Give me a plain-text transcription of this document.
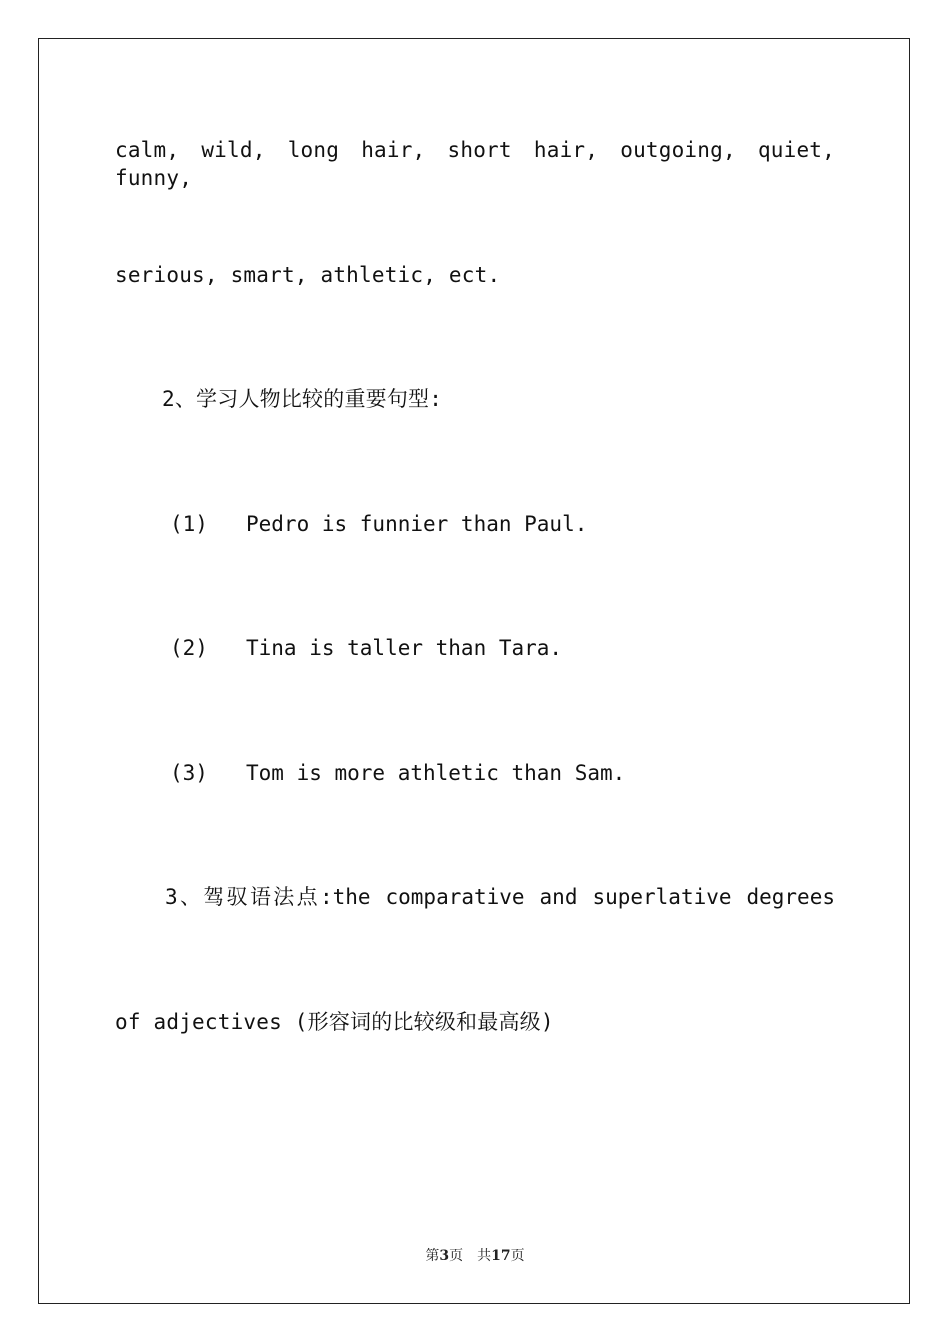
calm, wild, long hair, short hair, outgoing, quiet, funny,
serious, smart, athletic, ect.
2、学习人物比较的重要句型:
(1) Pedro is funnier than Paul.
(2) Tina is taller than Tara.
(3) Tom is more athletic than Sam.
3、驾驭语法点:the comparative and superlative degrees
of adjectives (形容词的比较级和最高级)
第3页 共17页
